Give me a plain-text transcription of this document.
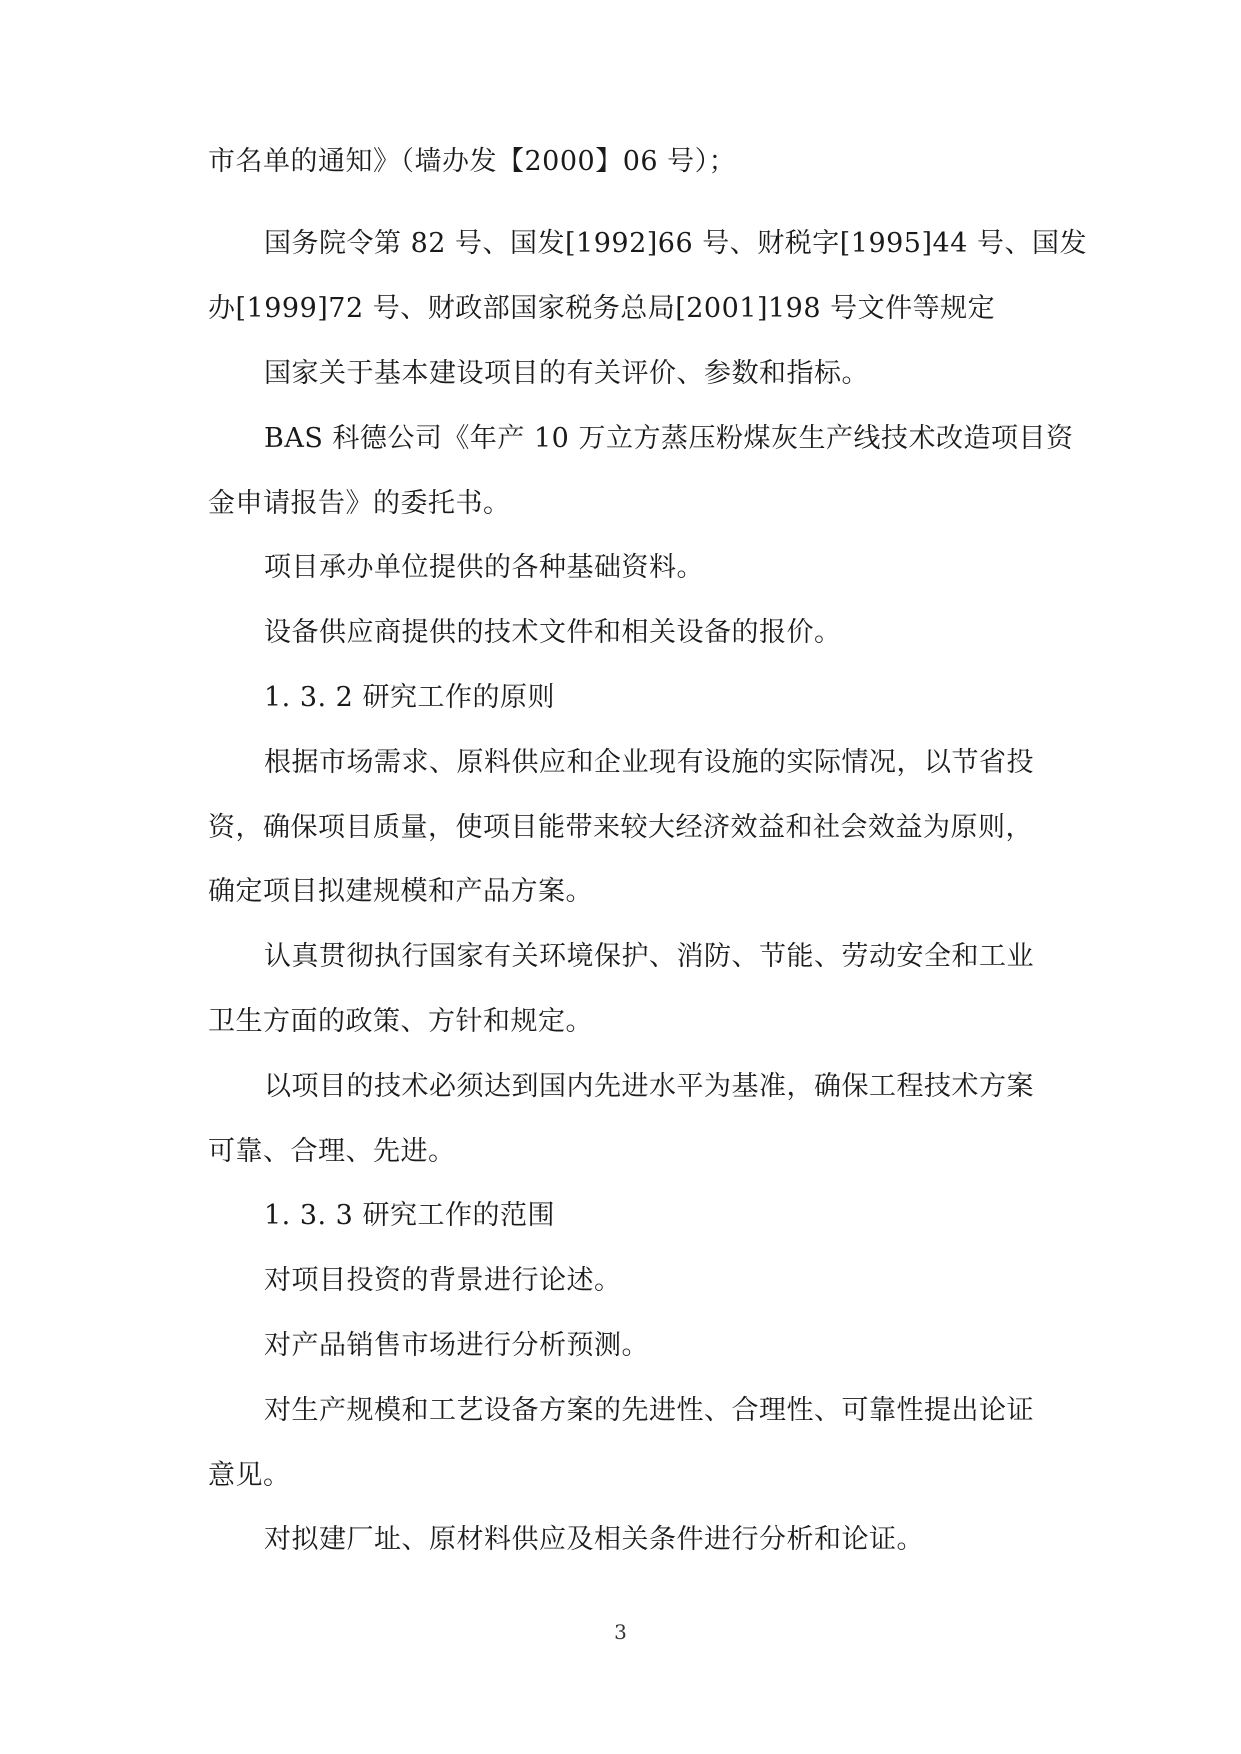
市名单的通知》（墙办发【2000】06 号）；

国务院令第 82 号、国发[1992]66 号、财税字[1995]44 号、国发

办[1999]72 号、财政部国家税务总局[2001]198 号文件等规定

国家关于基本建设项目的有关评价、参数和指标。

BAS 科德公司《年产 10 万立方蒸压粉煤灰生产线技术改造项目资

金申请报告》的委托书。

项目承办单位提供的各种基础资料。

设备供应商提供的技术文件和相关设备的报价。

1. 3. 2 研究工作的原则

根据市场需求、原料供应和企业现有设施的实际情况，以节省投

资，确保项目质量，使项目能带来较大经济效益和社会效益为原则，

确定项目拟建规模和产品方案。

认真贯彻执行国家有关环境保护、消防、节能、劳动安全和工业

卫生方面的政策、方针和规定。

以项目的技术必须达到国内先进水平为基准，确保工程技术方案

可靠、合理、先进。

1. 3. 3 研究工作的范围

对项目投资的背景进行论述。

对产品销售市场进行分析预测。

对生产规模和工艺设备方案的先进性、合理性、可靠性提出论证

意见。

对拟建厂址、原材料供应及相关条件进行分析和论证。

3
